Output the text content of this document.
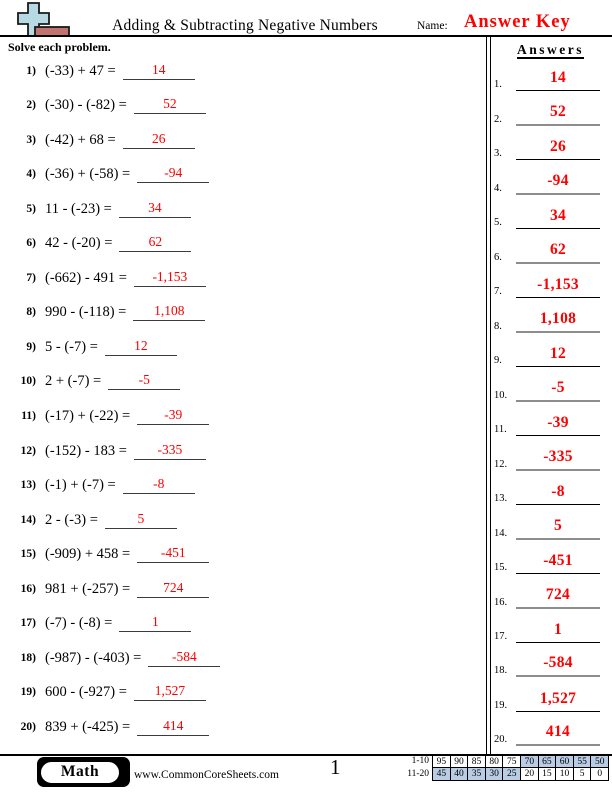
Adding & Subtracting Negative Numbers	Name: Answer Key
Solve each problem.
1) (-33) + 47 =	14
2) (-30) - (-82) =	52
3) (-42) + 68 =	26
4) (-36) + (-58) =	-94
5) 11 - (-23) =	34
6) 42 - (-20) =	62
7) (-662) - 491 =	-1,153
8) 990 - (-118) =	1,108
9) 5 - (-7) =	12
10) 2 + (-7) =	-5
11) (-17) + (-22) =	-39
12) (-152) - 183 =	-335
13) (-1) + (-7) =	-8
14) 2 - (-3) =	5
15) (-909) + 458 =	-451
16) 981 + (-257) =	724
17) (-7) - (-8) =	1
18) (-987) - (-403) =	-584
19) 600 - (-927) =	1,527
20) 839 + (-425) =	414
Answers
1.	14
2.	52
3.	26
4.	-94
5.	34
6.	62
7.	-1,153
8.	1,108
9.	12
10.	-5
11.	-39
12.	-335
13.	-8
14.	5
15.	-451
16.	724
17.	1
18.	-584
19.	1,527
20.	414
Math	www.CommonCoreSheets.com 1	1-10 95 90 85 80 75 70 65 60 55 50
11-20 45 40 35 30 25 20 15 10	5	0
